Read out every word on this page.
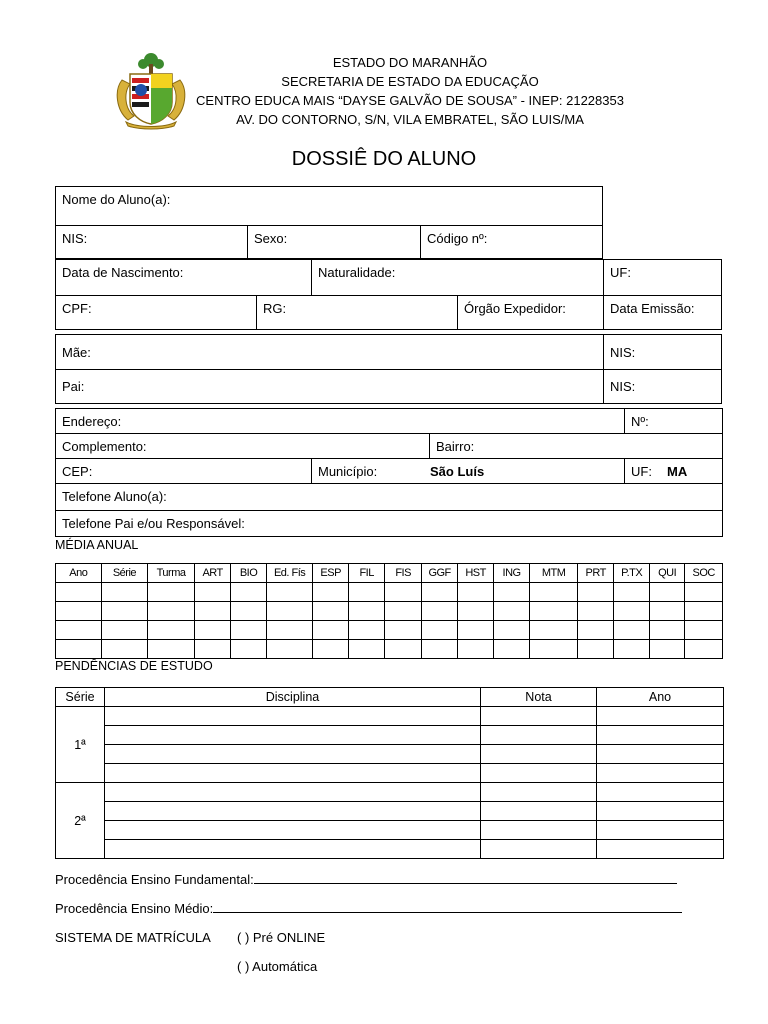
ESTADO DO MARANHÃO
SECRETARIA DE ESTADO DA EDUCAÇÃO
CENTRO EDUCA MAIS “DAYSE GALVÃO DE SOUSA” - INEP: 21228353
AV. DO CONTORNO, S/N, VILA EMBRATEL, SÃO LUIS/MA
DOSSIÊ DO ALUNO
Nome do Aluno(a):
NIS:	Sexo:	Código nº:
Data de Nascimento:	Naturalidade:	UF:
CPF:	RG:	Órgão Expedidor:	Data Emissão:
Mãe:	NIS:
Pai:	NIS:
Endereço:	Nº:
Complemento:	Bairro:
CEP:	Município:	São Luís	UF: MA
Telefone Aluno(a):
Telefone Pai e/ou Responsável:
MÉDIA ANUAL
Ano	Série	Turma	ART	BIO	Ed. Fís	ESP	FIL	FIS	GGF	HST	ING	MTM	PRT	P.TX	QUI	SOC

PENDÊNCIAS DE ESTUDO
Série	Disciplina	Nota	Ano
1ª			

2ª			

Procedência Ensino Fundamental:
Procedência Ensino Médio:
SISTEMA DE MATRÍCULA ( ) Pré ONLINE
( ) Automática
